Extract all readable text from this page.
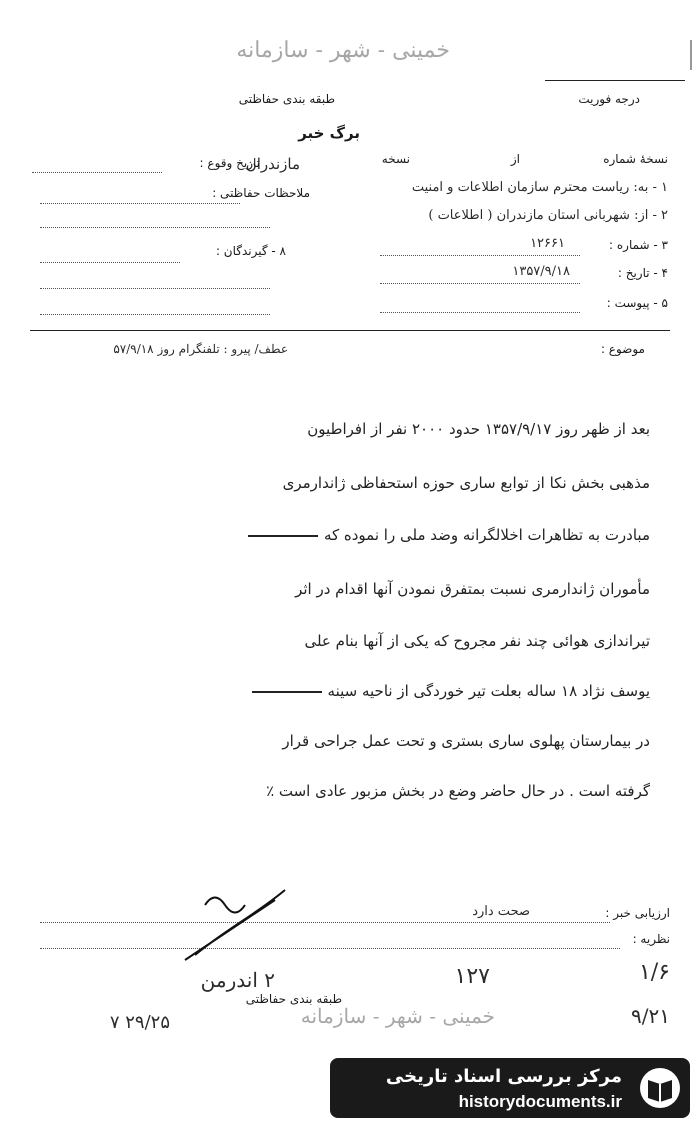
خمینی - شهر - سازمانه
درجه فوریت
طبقه بندی حفاظتی
برگ خبر
نسخهٔ شماره
از
نسخه
مازندران
تاریخ وقوع :
۱ - به: ریاست محترم سازمان اطلاعات و امنیت
ملاحظات حفاظتی :
۲ - از: شهربانی استان مازندران ( اطلاعات )
۳ - شماره :
۱۲۶۶۱
۸ - گیرندگان :
۴ - تاریخ :
۱۳۵۷/۹/۱۸
۵ - پیوست :
موضوع :
عطف/ پیرو : تلفنگرام روز ۵۷/۹/۱۸
بعد از ظهر روز ۱۳۵۷/۹/۱۷ حدود ۲۰۰۰ نفر از افراطیون
مذهبی بخش نکا از توابع ساری حوزه استحفاظی ژاندارمری
مبادرت به تظاهرات اخلالگرانه وضد ملی را نموده که
مأموران ژاندارمری نسبت بمتفرق نمودن آنها اقدام در اثر
تیراندازی هوائی چند نفر مجروح که یکی از آنها بنام علی
یوسف نژاد ۱۸ ساله بعلت تیر خوردگی از ناحیه سینه
در بیمارستان پهلوی ساری بستری و تحت عمل جراحی قرار
گرفته است . در حال حاضر وضع در بخش مزبور عادی است ٪
ارزیابی خبر :
صحت دارد
نظریه :
طبقه بندی حفاظتی
خمینی - شهر - سازمانه
۱۲۷
۲ اندرمن
۷ ۲۹/۲۵
۱/۶
۹/۲۱
مرکز بررسی اسناد تاریخی
historydocuments.ir
